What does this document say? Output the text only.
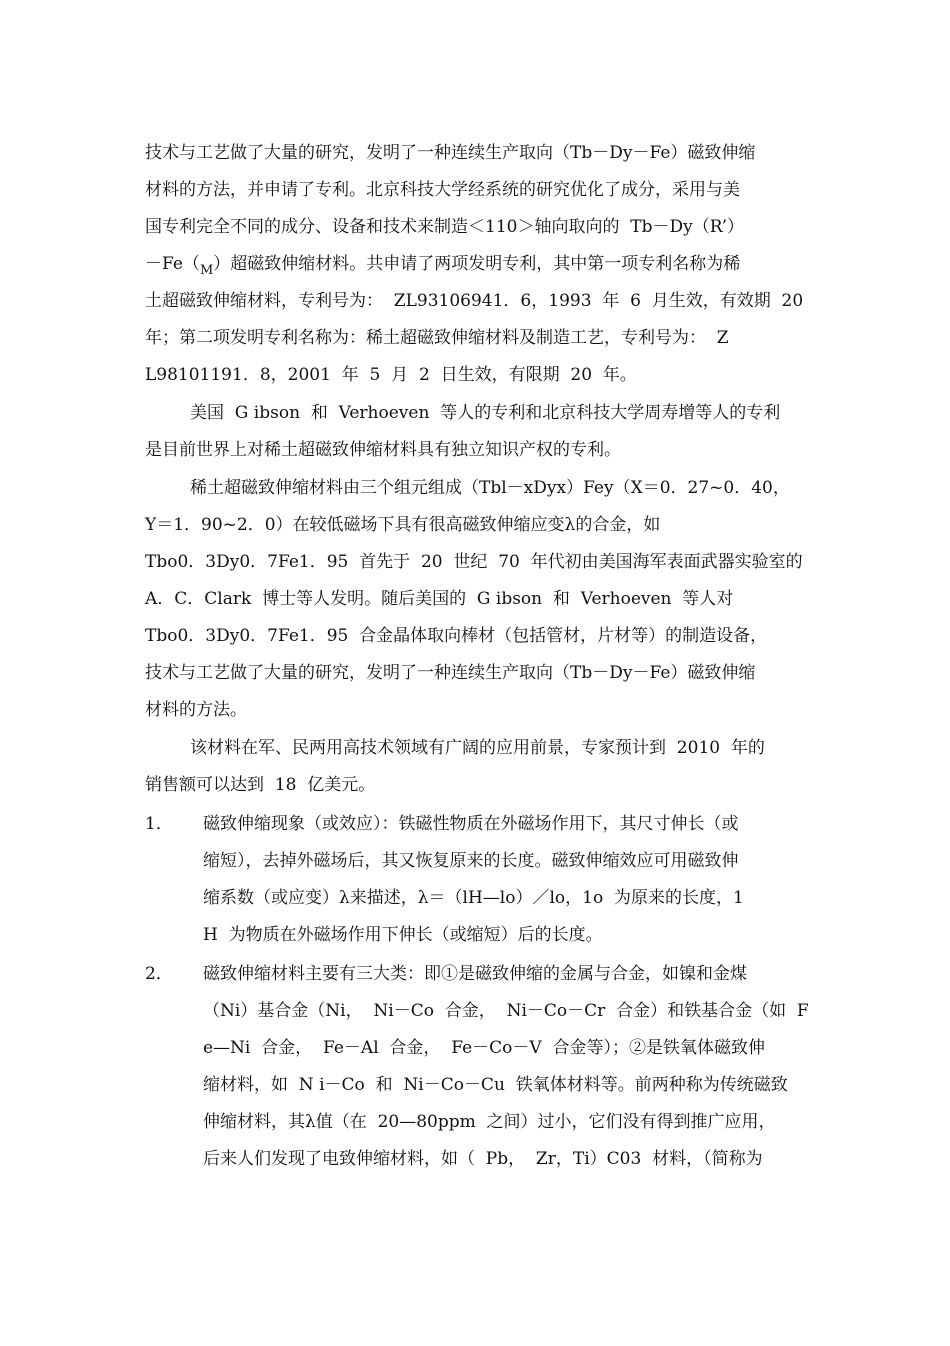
技术与工艺做了大量的研究，发明了一种连续生产取向（Tb－Dy－Fe）磁致伸缩
材料的方法，并申请了专利。北京科技大学经系统的研究优化了成分，采用与美
国专利完全不同的成分、设备和技术来制造＜110＞轴向取向的  Tb－Dy（R’）
$-Fe(_M)$超磁致伸缩材料。共申请了两项发明专利，其中第一项专利名称为稀
土超磁致伸缩材料，专利号为：  ZL93106941．6，1993  年  6  月生效，有效期  20
年；第二项发明专利名称为：稀土超磁致伸缩材料及制造工艺，专利号为：  Z
L98101191．8，2001  年  5  月  2  日生效，有限期  20  年。
美国  G ibson  和  Verhoeven  等人的专利和北京科技大学周寿增等人的专利
是目前世界上对稀土超磁致伸缩材料具有独立知识产权的专利。
稀土超磁致伸缩材料由三个组元组成（Tbl－xDyx）Fey（X＝0．27~0．40，
Y＝1．90~2．0）在较低磁场下具有很高磁致伸缩应变λ的合金，如
Tbo0．3Dy0．7Fe1．95  首先于  20  世纪  70  年代初由美国海军表面武器实验室的
A．C．Clark  博士等人发明。随后美国的  G ibson  和  Verhoeven  等人对
Tbo0．3Dy0．7Fe1．95  合金晶体取向棒材（包括管材，片材等）的制造设备，
技术与工艺做了大量的研究，发明了一种连续生产取向（Tb－Dy－Fe）磁致伸缩
材料的方法。
该材料在军、民两用高技术领域有广阔的应用前景，专家预计到  2010  年的
销售额可以达到  18  亿美元。
1． 磁致伸缩现象（或效应）：铁磁性物质在外磁场作用下，其尺寸伸长（或
缩短），去掉外磁场后，其又恢复原来的长度。磁致伸缩效应可用磁致伸
缩系数（或应变）λ来描述，λ＝（lH—lo）／lo，1o  为原来的长度，1
H  为物质在外磁场作用下伸长（或缩短）后的长度。
2． 磁致伸缩材料主要有三大类：即①是磁致伸缩的金属与合金，如镍和金煤
（Ni）基合金（Ni，  Ni－Co  合金，  Ni－Co－Cr  合金）和铁基合金（如  F
e—Ni  合金，  Fe－Al  合金，  Fe－Co－V  合金等）；②是铁氧体磁致伸
缩材料，如  N i－Co  和  Ni－Co－Cu  铁氧体材料等。前两种称为传统磁致
伸缩材料，其λ值（在  20—80ppm  之间）过小，它们没有得到推广应用，
后来人们发现了电致伸缩材料，如（  Pb，  Zr，Ti）C03  材料，（简称为
